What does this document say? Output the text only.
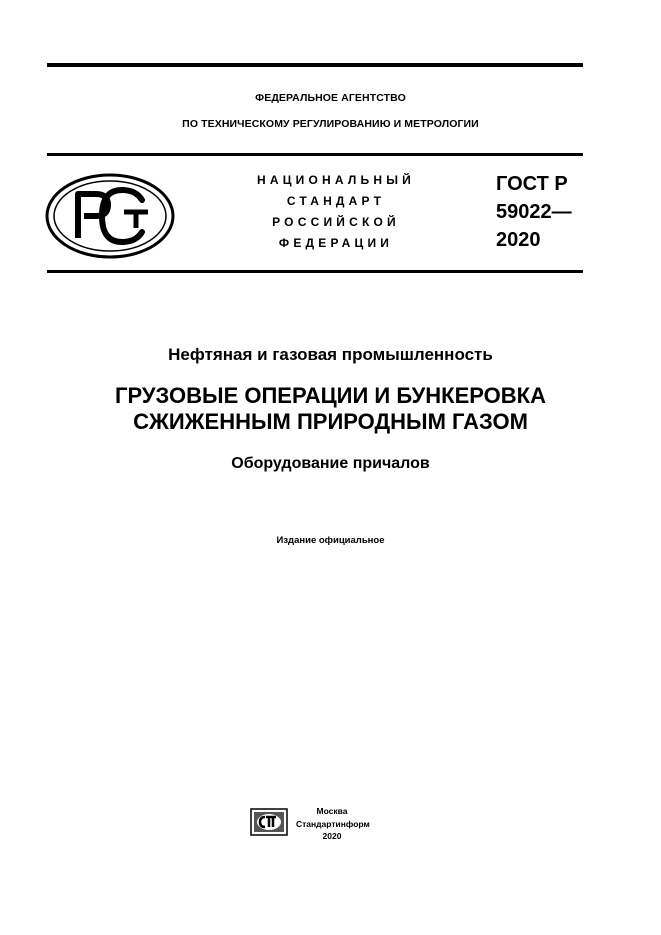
ФЕДЕРАЛЬНОЕ АГЕНТСТВО
ПО ТЕХНИЧЕСКОМУ РЕГУЛИРОВАНИЮ И МЕТРОЛОГИИ
НАЦИОНАЛЬНЫЙ
СТАНДАРТ
РОССИЙСКОЙ
ФЕДЕРАЦИИ
ГОСТ Р
59022—
2020
Нефтяная и газовая промышленность
ГРУЗОВЫЕ ОПЕРАЦИИ И БУНКЕРОВКА
СЖИЖЕННЫМ ПРИРОДНЫМ ГАЗОМ
Оборудование причалов
Издание официальное
Москва
Стандартинформ
2020
